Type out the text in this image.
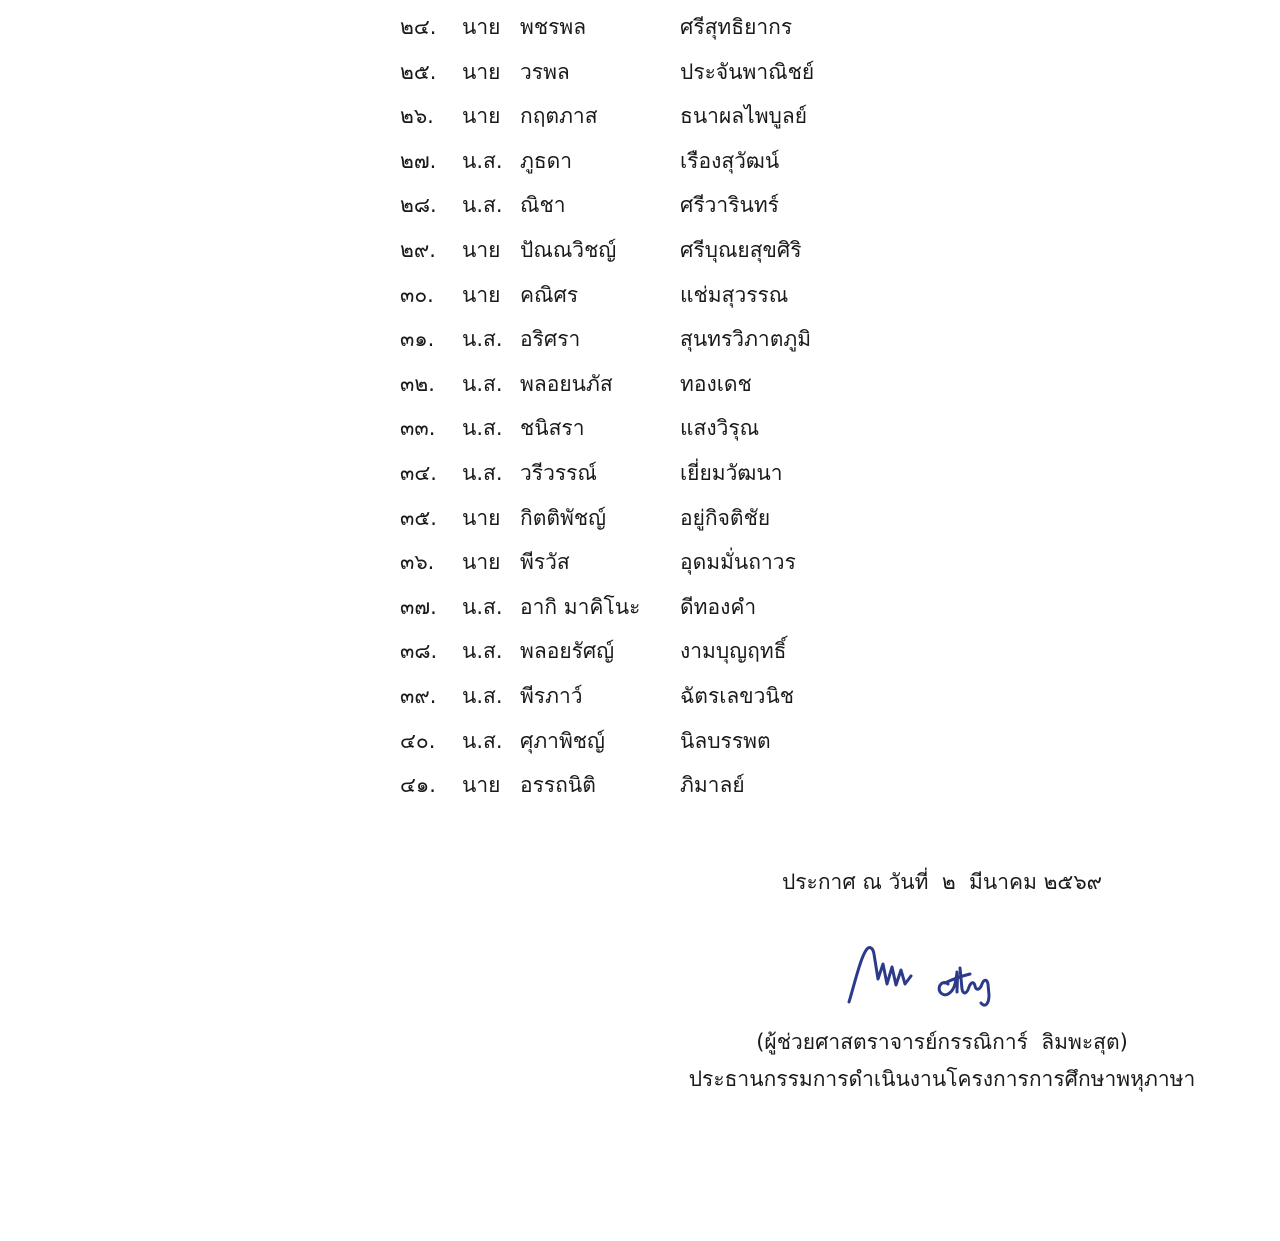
๒๔.	นาย พชรพล	ศรีสุทธิยากร
๒๕.	นาย วรพล	ประจันพาณิชย์
๒๖.	นาย กฤตภาส	ธนาผลไพบูลย์
๒๗.	น.ส. ภูธดา	เรืองสุวัฒน์
๒๘.	น.ส. ณิชา	ศรีวารินทร์
๒๙.	นาย ปัณณวิชญ์	ศรีบุณยสุขศิริ
๓๐.	นาย คณิศร	แช่มสุวรรณ
๓๑.	น.ส. อริศรา	สุนทรวิภาตภูมิ
๓๒.	น.ส. พลอยนภัส	ทองเดช
๓๓.	น.ส. ชนิสรา	แสงวิรุณ
๓๔.	น.ส. วรีวรรณ์	เยี่ยมวัฒนา
๓๕.	นาย กิตติพัชญ์	อยู่กิจติชัย
๓๖.	นาย พีรวัส	อุดมมั่นถาวร
๓๗.	น.ส. อากิ มาคิโนะ	ดีทองคำ
๓๘.	น.ส. พลอยรัศญ์	งามบุญฤทธิ์
๓๙.	น.ส. พีรภาว์	ฉัตรเลขวนิช
๔๐.	น.ส. ศุภาพิชญ์	นิลบรรพต
๔๑.	นาย อรรถนิติ	ภิมาลย์
ประกาศ ณ วันที่  ๒  มีนาคม ๒๕๖๙
(ผู้ช่วยศาสตราจารย์กรรณิการ์  ลิมพะสุต)
ประธานกรรมการดำเนินงานโครงการการศึกษาพหุภาษา
